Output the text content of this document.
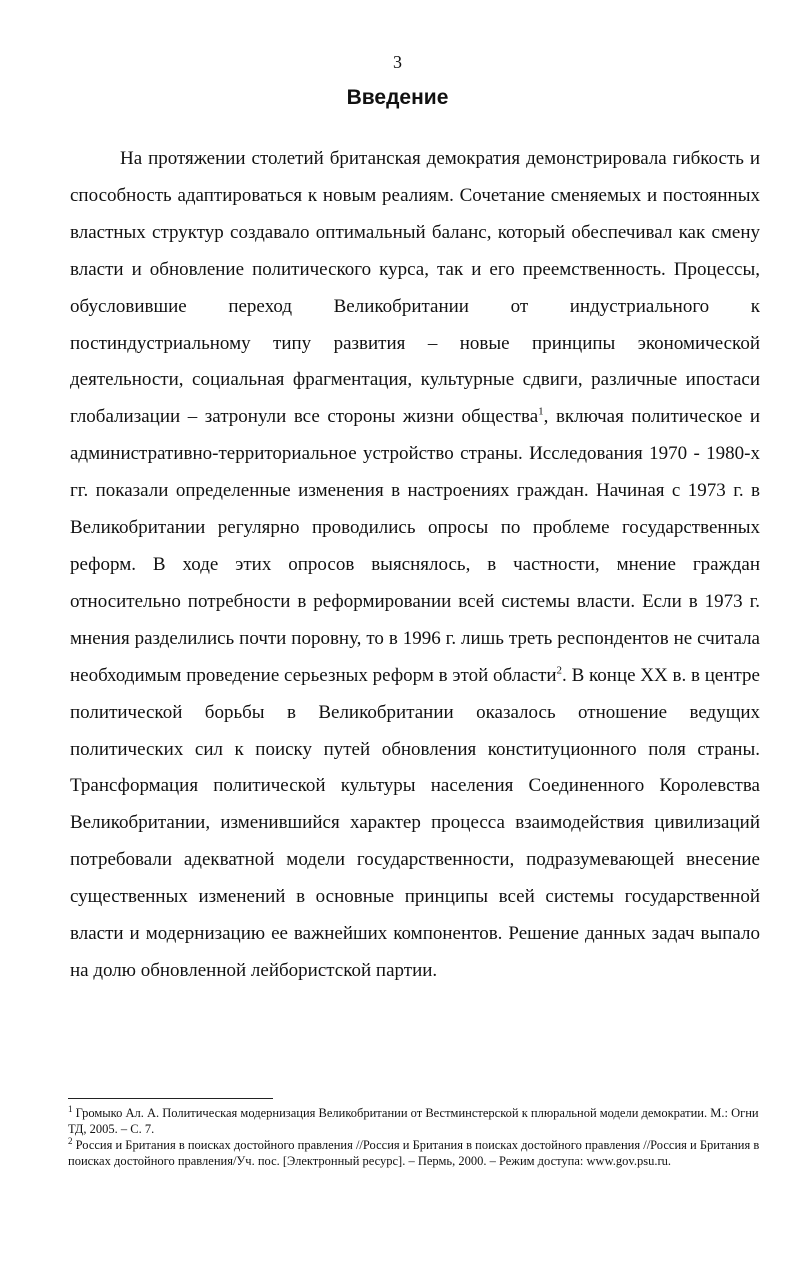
3
Введение

На протяжении столетий британская демократия демонстрировала гибкость и способность адаптироваться к новым реалиям. Сочетание сменяемых и постоянных властных структур создавало оптимальный баланс, который обеспечивал как смену власти и обновление политического курса, так и его преемственность. Процессы, обусловившие переход Великобритании от индустриального к постиндустриальному типу развития – новые принципы экономической деятельности, социальная фрагментация, культурные сдвиги, различные ипостаси глобализации – затронули все стороны жизни общества$^1$, включая политическое и административно-территориальное устройство страны. Исследования 1970 - 1980-х гг. показали определенные изменения в настроениях граждан. Начиная с 1973 г. в Великобритании регулярно проводились опросы по проблеме государственных реформ. В ходе этих опросов выяснялось, в частности, мнение граждан относительно потребности в реформировании всей системы власти. Если в 1973 г. мнения разделились почти поровну, то в 1996 г. лишь треть респондентов не считала необходимым проведение серьезных реформ в этой области$^2$. В конце XX в. в центре политической борьбы в Великобритании оказалось отношение ведущих политических сил к поиску путей обновления конституционного поля страны. Трансформация политической культуры населения Соединенного Королевства Великобритании, изменившийся характер процесса взаимодействия цивилизаций потребовали адекватной модели государственности, подразумевающей внесение существенных изменений в основные принципы всей системы государственной власти и модернизацию ее важнейших компонентов. Решение данных задач выпало на долю обновленной лейбористской партии.

$^1$ Громыко Ал. А. Политическая модернизация Великобритании от Вестминстерской к плюральной модели демократии. М.: Огни ТД, 2005. – С. 7.

$^2$ Россия и Британия в поисках достойного правления //Россия и Британия в поисках достойного правления //Россия и Британия в поисках достойного правления/Уч. пос. [Электронный ресурс]. – Пермь, 2000. – Режим доступа: www.gov.psu.ru.
